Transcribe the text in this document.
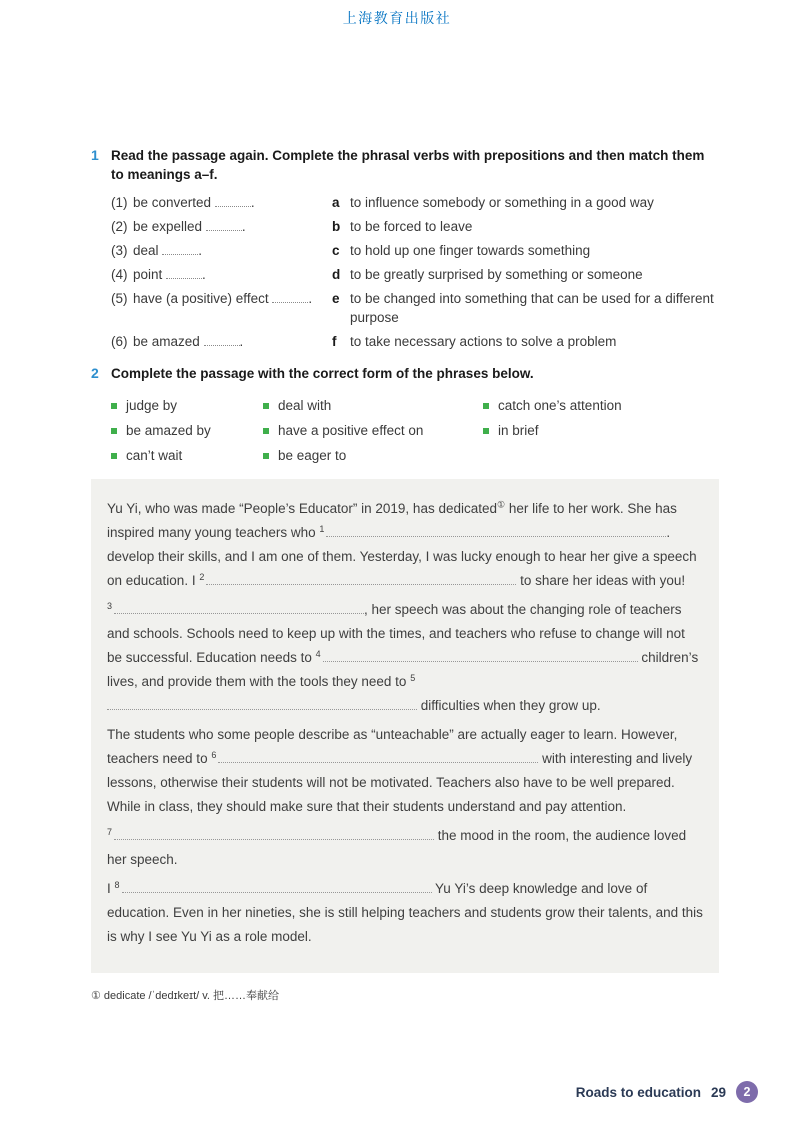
上海教育出版社
Focus on language
1 Read the passage again. Complete the phrasal verbs with prepositions and then match them to meanings a–f.
(1) be converted	.	a to influence somebody or something in a good way
(2) be expelled	.	b to be forced to leave
(3) deal	.	c to hold up one finger towards something
(4) point	.	d to be greatly surprised by something or someone
(5) have (a positive) effect	.	e to be changed into something that can be used for a different purpose
(6) be amazed	.	f	to take necessary actions to solve a problem
2 Complete the passage with the correct form of the phrases below.
judge by	deal with	catch one’s attention
be amazed by	have a positive effect on	in brief
can’t wait	be eager to

Yu Yi, who was made “People’s Educator” in 2019, has dedicated① her life to her work. She has inspired many young teachers who $^1$	. develop their skills, and I am one of them. Yesterday, I was lucky enough to hear her give a speech on education. I $^2$	to share her ideas with you!

$^3$	, her speech was about the changing role of teachers and schools. Schools need to keep up with the times, and teachers who refuse to change will not be successful. Education needs to $^4$	children’s lives, and provide them with the tools they need to $^5$ difficulties when they grow up.

The students who some people describe as “unteachable” are actually eager to learn. However, teachers need to $^6$	with interesting and lively lessons, otherwise their students will not be motivated. Teachers also have to be well prepared. While in class, they should make sure that their students understand and pay attention.

$^7$	the mood in the room, the audience loved her speech.

I $^8$	Yu Yi’s deep knowledge and love of education. Even in her nineties, she is still helping teachers and students grow their talents, and this is why I see Yu Yi as a role model.

① dedicate /ˈdedɪkeɪt/ v. 把……奉献给
Roads to education 29	2
